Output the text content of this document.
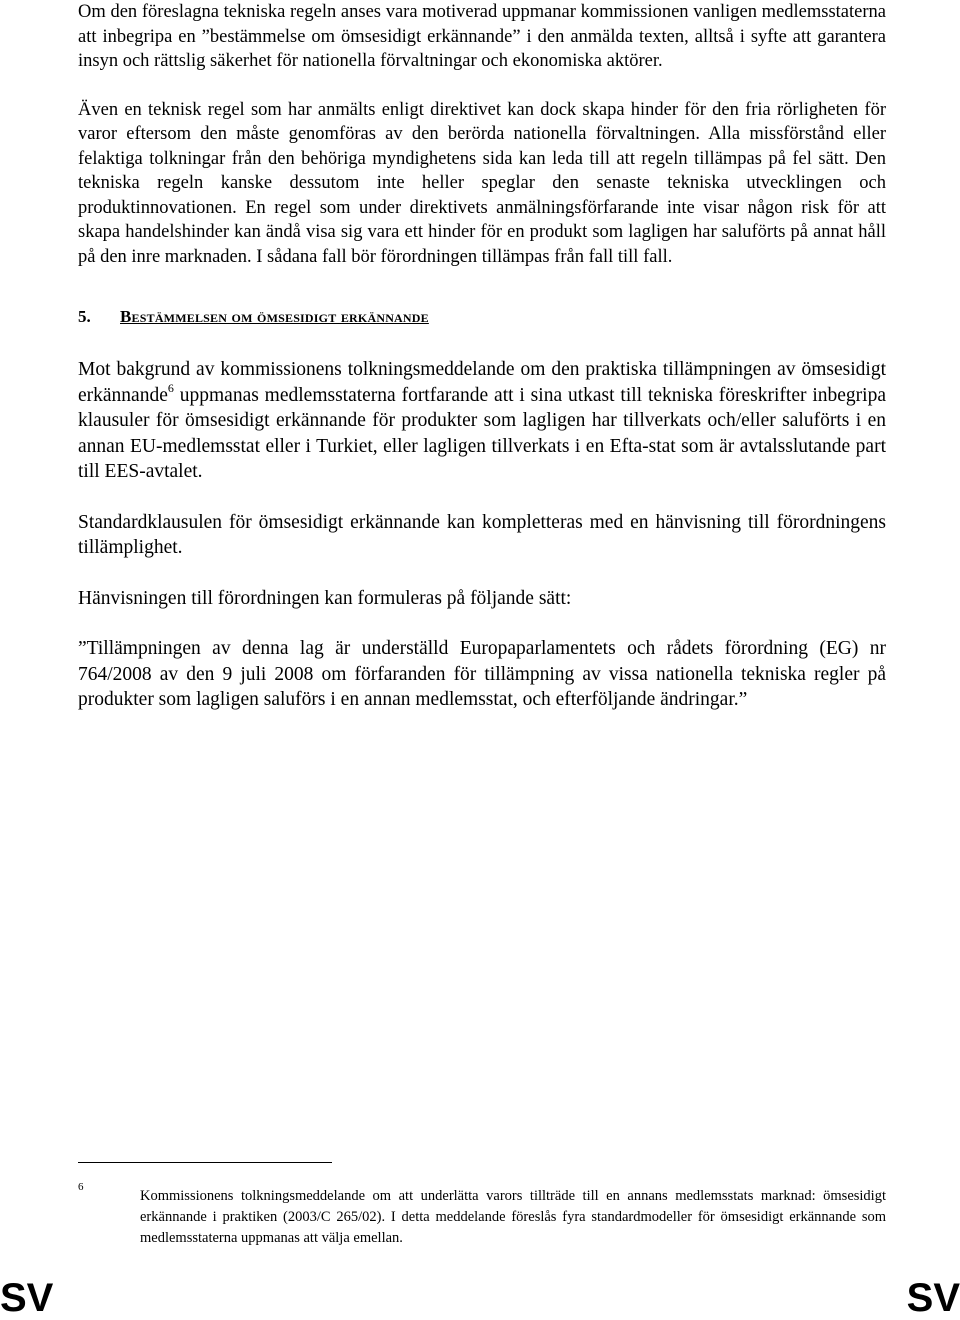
Om den föreslagna tekniska regeln anses vara motiverad uppmanar kommissionen vanligen medlemsstaterna att inbegripa en ”bestämmelse om ömsesidigt erkännande” i den anmälda texten, alltså i syfte att garantera insyn och rättslig säkerhet för nationella förvaltningar och ekonomiska aktörer.

Även en teknisk regel som har anmälts enligt direktivet kan dock skapa hinder för den fria rörligheten för varor eftersom den måste genomföras av den berörda nationella förvaltningen. Alla missförstånd eller felaktiga tolkningar från den behöriga myndighetens sida kan leda till att regeln tillämpas på fel sätt. Den tekniska regeln kanske dessutom inte heller speglar den senaste tekniska utvecklingen och produktinnovationen. En regel som under direktivets anmälningsförfarande inte visar någon risk för att skapa handelshinder kan ändå visa sig vara ett hinder för en produkt som lagligen har saluförts på annat håll på den inre marknaden. I sådana fall bör förordningen tillämpas från fall till fall.

5.	Bestämmelsen om ömsesidigt erkännande

Mot bakgrund av kommissionens tolkningsmeddelande om den praktiska tillämpningen av ömsesidigt erkännande$^6$ uppmanas medlemsstaterna fortfarande att i sina utkast till tekniska föreskrifter inbegripa klausuler för ömsesidigt erkännande för produkter som lagligen har tillverkats och/eller saluförts i en annan EU-medlemsstat eller i Turkiet, eller lagligen tillverkats i en Efta-stat som är avtalsslutande part till EES-avtalet.

Standardklausulen för ömsesidigt erkännande kan kompletteras med en hänvisning till förordningens tillämplighet.

Hänvisningen till förordningen kan formuleras på följande sätt:

”Tillämpningen av denna lag är underställd Europaparlamentets och rådets förordning (EG) nr 764/2008 av den 9 juli 2008 om förfaranden för tillämpning av vissa nationella tekniska regler på produkter som lagligen saluförs i en annan medlemsstat, och efterföljande ändringar.”

6
Kommissionens tolkningsmeddelande om att underlätta varors tillträde till en annans medlemsstats marknad: ömsesidigt erkännande i praktiken (2003/C 265/02). I detta meddelande föreslås fyra standardmodeller för ömsesidigt erkännande som medlemsstaterna uppmanas att välja emellan.
SV	SV
